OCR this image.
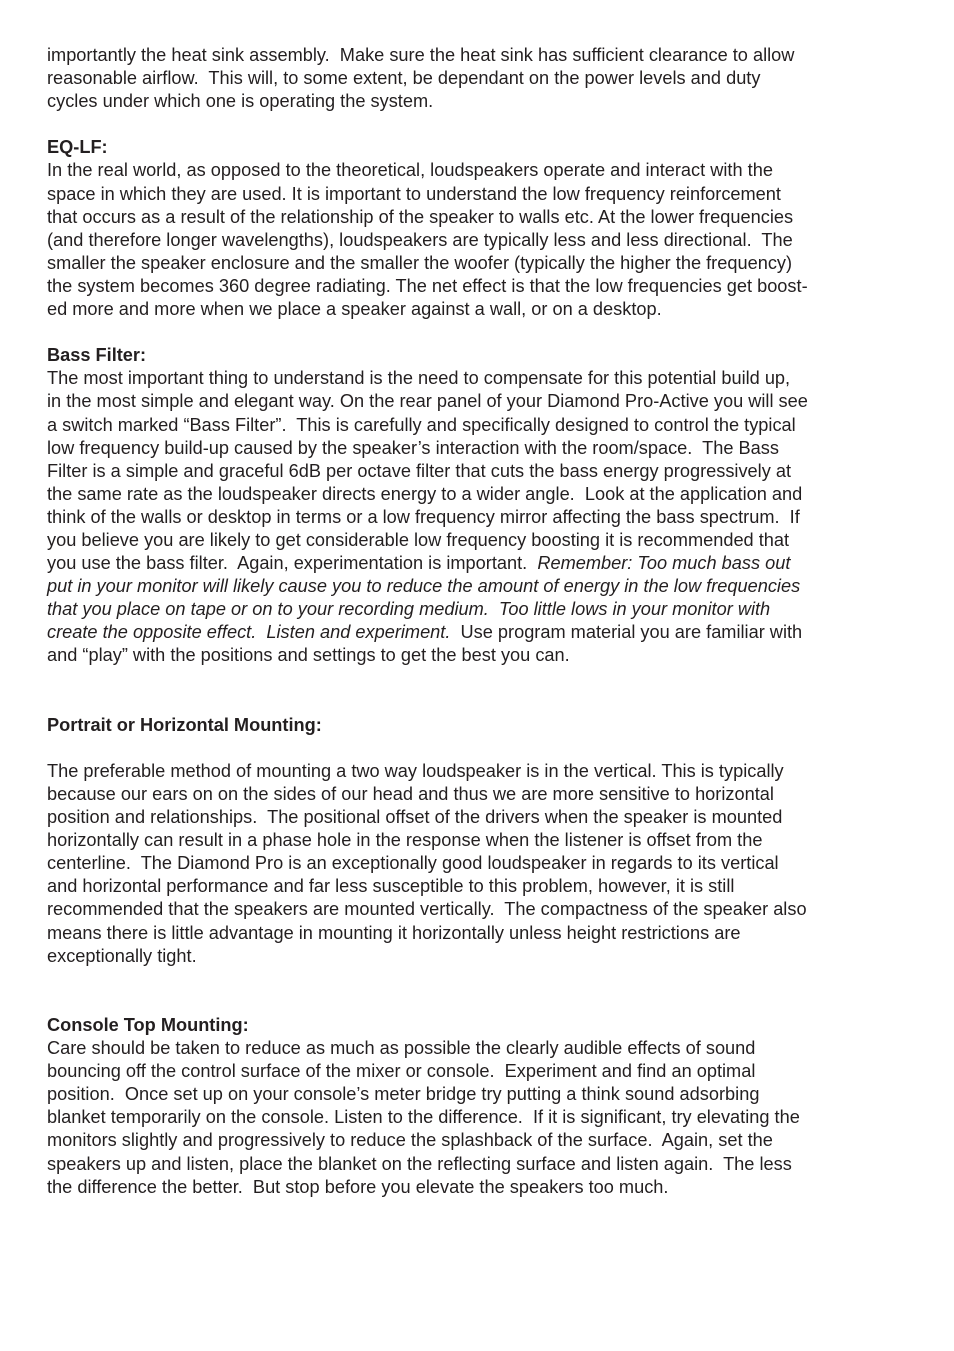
importantly the heat sink assembly.  Make sure the heat sink has sufficient clearance to allow
reasonable airflow.  This will, to some extent, be dependant on the power levels and duty
cycles under which one is operating the system.
EQ-LF:
In the real world, as opposed to the theoretical, loudspeakers operate and interact with the
space in which they are used. It is important to understand the low frequency reinforcement
that occurs as a result of the relationship of the speaker to walls etc. At the lower frequencies
(and therefore longer wavelengths), loudspeakers are typically less and less directional.  The
smaller the speaker enclosure and the smaller the woofer (typically the higher the frequency)
the system becomes 360 degree radiating. The net effect is that the low frequencies get boost-
ed more and more when we place a speaker against a wall, or on a desktop.
Bass Filter:
The most important thing to understand is the need to compensate for this potential build up,
in the most simple and elegant way. On the rear panel of your Diamond Pro-Active you will see
a switch marked “Bass Filter”.  This is carefully and specifically designed to control the typical
low frequency build-up caused by the speaker’s interaction with the room/space.  The Bass
Filter is a simple and graceful 6dB per octave filter that cuts the bass energy progressively at
the same rate as the loudspeaker directs energy to a wider angle.  Look at the application and
think of the walls or desktop in terms or a low frequency mirror affecting the bass spectrum.  If
you believe you are likely to get considerable low frequency boosting it is recommended that
you use the bass filter.  Again, experimentation is important.  Remember: Too much bass out
put in your monitor will likely cause you to reduce the amount of energy in the low frequencies
that you place on tape or on to your recording medium.  Too little lows in your monitor with
create the opposite effect.  Listen and experiment.  Use program material you are familiar with
and “play” with the positions and settings to get the best you can.
Portrait or Horizontal Mounting:
The preferable method of mounting a two way loudspeaker is in the vertical. This is typically
because our ears on on the sides of our head and thus we are more sensitive to horizontal
position and relationships.  The positional offset of the drivers when the speaker is mounted
horizontally can result in a phase hole in the response when the listener is offset from the
centerline.  The Diamond Pro is an exceptionally good loudspeaker in regards to its vertical
and horizontal performance and far less susceptible to this problem, however, it is still
recommended that the speakers are mounted vertically.  The compactness of the speaker also
means there is little advantage in mounting it horizontally unless height restrictions are
exceptionally tight.
Console Top Mounting:
Care should be taken to reduce as much as possible the clearly audible effects of sound
bouncing off the control surface of the mixer or console.  Experiment and find an optimal
position.  Once set up on your console’s meter bridge try putting a think sound adsorbing
blanket temporarily on the console. Listen to the difference.  If it is significant, try elevating the
monitors slightly and progressively to reduce the splashback of the surface.  Again, set the
speakers up and listen, place the blanket on the reflecting surface and listen again.  The less
the difference the better.  But stop before you elevate the speakers too much.
